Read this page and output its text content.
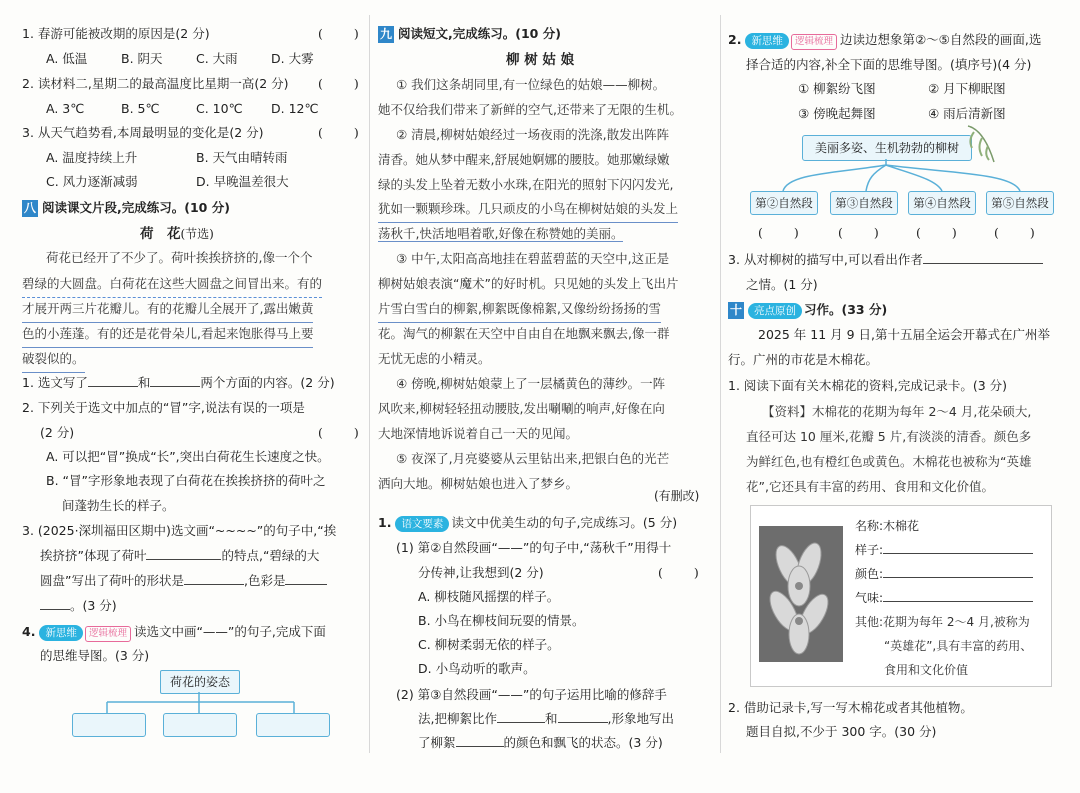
1. 春游可能被改期的原因是(2 分)	(　　)
A. 低温	B. 阴天	C. 大雨	D. 大雾
2. 读材料二,星期二的最高温度比星期一高(2 分) (　　)
A. 3℃	B. 5℃	C. 10℃ D. 12℃
3. 从天气趋势看,本周最明显的变化是(2 分)	(　　)
A. 温度持续上升	B. 天气由晴转雨
C. 风力逐渐减弱	D. 早晚温差很大
八 阅读课文片段,完成练习。(10 分)
荷　花(节选)
荷花已经开了不少了。荷叶挨挨挤挤的,像一个个
碧绿的大圆盘。白荷花在这些大圆盘之间冒出来。有的
才展开两三片花瓣儿。有的花瓣儿全展开了,露出嫩黄
色的小莲蓬。有的还是花骨朵儿,看起来饱胀得马上要
破裂似的。
1. 选文写了	和	两个方面的内容。(2 分)
2. 下列关于选文中加点的“冒”字,说法有误的一项是
(2 分)	(　　)
A. 可以把“冒”换成“长”,突出白荷花生长速度之快。
B. “冒”字形象地表现了白荷花在挨挨挤挤的荷叶之
间蓬勃生长的样子。
3. (2025·深圳福田区期中)选文画“~~~~”的句子中,“挨
挨挤挤”体现了荷叶	的特点,“碧绿的大
圆盘”写出了荷叶的形状是	,色彩是
。(3 分)
4. 新思维 逻辑梳理 读选文中画“——”的句子,完成下面
的思维导图。(3 分)
荷花的姿态
九 阅读短文,完成练习。(10 分)
柳 树 姑 娘
① 我们这条胡同里,有一位绿色的姑娘——柳树。
她不仅给我们带来了新鲜的空气,还带来了无限的生机。
② 清晨,柳树姑娘经过一场夜雨的洗涤,散发出阵阵
清香。她从梦中醒来,舒展她婀娜的腰肢。她那嫩绿嫩
绿的头发上坠着无数小水珠,在阳光的照射下闪闪发光,
犹如一颗颗珍珠。几只顽皮的小鸟在柳树姑娘的头发上
荡秋千,快活地唱着歌,好像在称赞她的美丽。
③ 中午,太阳高高地挂在碧蓝碧蓝的天空中,这正是
柳树姑娘表演“魔术”的好时机。只见她的头发上飞出片
片雪白雪白的柳絮,柳絮既像棉絮,又像纷纷扬扬的雪
花。淘气的柳絮在天空中自由自在地飘来飘去,像一群
无忧无虑的小精灵。
④ 傍晚,柳树姑娘蒙上了一层橘黄色的薄纱。一阵
风吹来,柳树轻轻扭动腰肢,发出唰唰的响声,好像在向
大地深情地诉说着自己一天的见闻。
⑤ 夜深了,月亮婆婆从云里钻出来,把银白色的光芒
洒向大地。柳树姑娘也进入了梦乡。
(有删改)
1. 语文要素 读文中优美生动的句子,完成练习。(5 分)
(1) 第②自然段画“——”的句子中,“荡秋千”用得十
分传神,让我想到(2 分)	(　　)
A. 柳枝随风摇摆的样子。
B. 小鸟在柳枝间玩耍的情景。
C. 柳树柔弱无依的样子。
D. 小鸟动听的歌声。
(2) 第③自然段画“——”的句子运用比喻的修辞手
法,把柳絮比作	和	,形象地写出
了柳絮	的颜色和飘飞的状态。(3 分)
2. 新思维 逻辑梳理 边读边想象第②～⑤自然段的画面,选
择合适的内容,补全下面的思维导图。(填序号)(4 分)
① 柳絮纷飞图	② 月下柳眠图
③ 傍晚起舞图	④ 雨后清新图
美丽多姿、生机勃勃的柳树
第②自然段	第③自然段	第④自然段	第⑤自然段
(　　)	(　　)	(　　)	(　　)
3. 从对柳树的描写中,可以看出作者
之情。(1 分)
十 亮点原创 习作。(33 分)
2025 年 11 月 9 日,第十五届全运会开幕式在广州举
行。广州的市花是木棉花。
1. 阅读下面有关木棉花的资料,完成记录卡。(3 分)
【资料】木棉花的花期为每年 2～4 月,花朵硕大,
直径可达 10 厘米,花瓣 5 片,有淡淡的清香。颜色多
为鲜红色,也有橙红色或黄色。木棉花也被称为“英雄
花”,它还具有丰富的药用、食用和文化价值。
名称:木棉花
样子:
颜色:
气味:
其他:花期为每年 2～4 月,被称为
“英雄花”,具有丰富的药用、
食用和文化价值
2. 借助记录卡,写一写木棉花或者其他植物。
题目自拟,不少于 300 字。(30 分)
